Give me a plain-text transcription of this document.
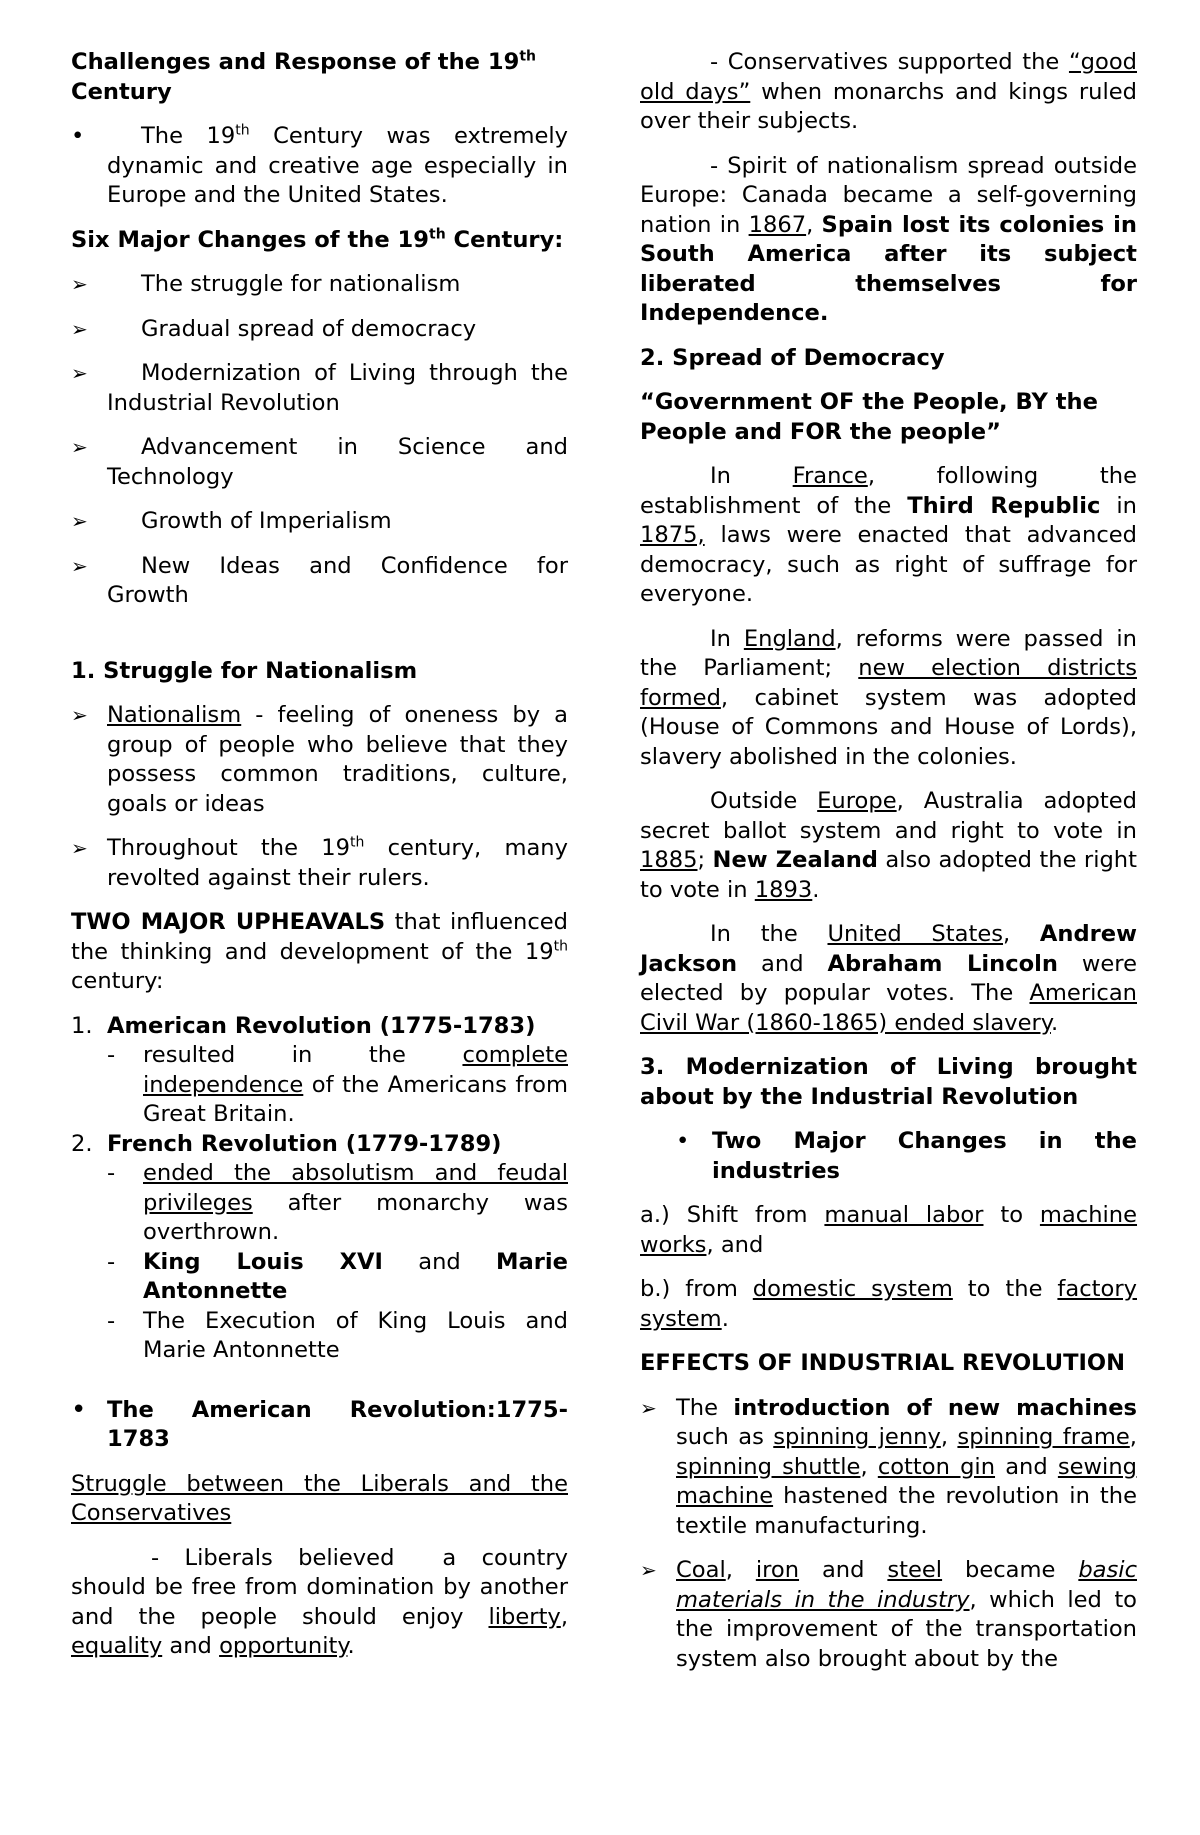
Challenges and Response of the 19th
Century

•	The 19th Century was extremely dynamic and creative age especially in Europe and the United States.

Six Major Changes of the 19th Century:

➢	The struggle for nationalism
➢	Gradual spread of democracy
➢	Modernization of Living through the Industrial Revolution
➢	Advancement in Science and Technology
➢	Growth of Imperialism
➢	New Ideas and Confidence for Growth

1. Struggle for Nationalism

➢ Nationalism - feeling of oneness by a group of people who believe that they possess common traditions, culture, goals or ideas
➢ Throughout the 19th century, many revolted against their rulers.

TWO MAJOR UPHEAVALS that influenced the thinking and development of the 19th century:

1. American Revolution (1775-1783)
-	resulted in the complete independence of the Americans from Great Britain.
2. French Revolution (1779-1789)
-	ended the absolutism and feudal privileges after monarchy was overthrown.
-	King Louis XVI and Marie Antonnette
-	The Execution of King Louis and Marie Antonnette
• The American Revolution:1775-1783

Struggle between the Liberals and the Conservatives

- Liberals believed a country should be free from domination by another and the people should enjoy liberty, equality and opportunity.

- Conservatives supported the “good old days” when monarchs and kings ruled over their subjects.

- Spirit of nationalism spread outside Europe: Canada became a self-governing nation in 1867, Spain lost its colonies in South America after its subject liberated themselves for Independence.

2. Spread of Democracy

“Government OF the People, BY the People and FOR the people”

In France, following the establishment of the Third Republic in 1875, laws were enacted that advanced democracy, such as right of suffrage for everyone.

In England, reforms were passed in the Parliament; new election districts formed, cabinet system was adopted (House of Commons and House of Lords), slavery abolished in the colonies.

Outside Europe, Australia adopted secret ballot system and right to vote in 1885; New Zealand also adopted the right to vote in 1893.

In the United States, Andrew Jackson and Abraham Lincoln were elected by popular votes. The American Civil War (1860-1865) ended slavery.

3. Modernization of Living brought about by the Industrial Revolution

•	Two Major Changes in the industries

a.) Shift from manual labor to machine works, and

b.) from domestic system to the factory system.

EFFECTS OF INDUSTRIAL REVOLUTION

➢ The introduction of new machines such as spinning jenny, spinning frame, spinning shuttle, cotton gin and sewing machine hastened the revolution in the textile manufacturing.
➢ Coal, iron and steel became basic materials in the industry, which led to the improvement of the transportation system also brought about by the
